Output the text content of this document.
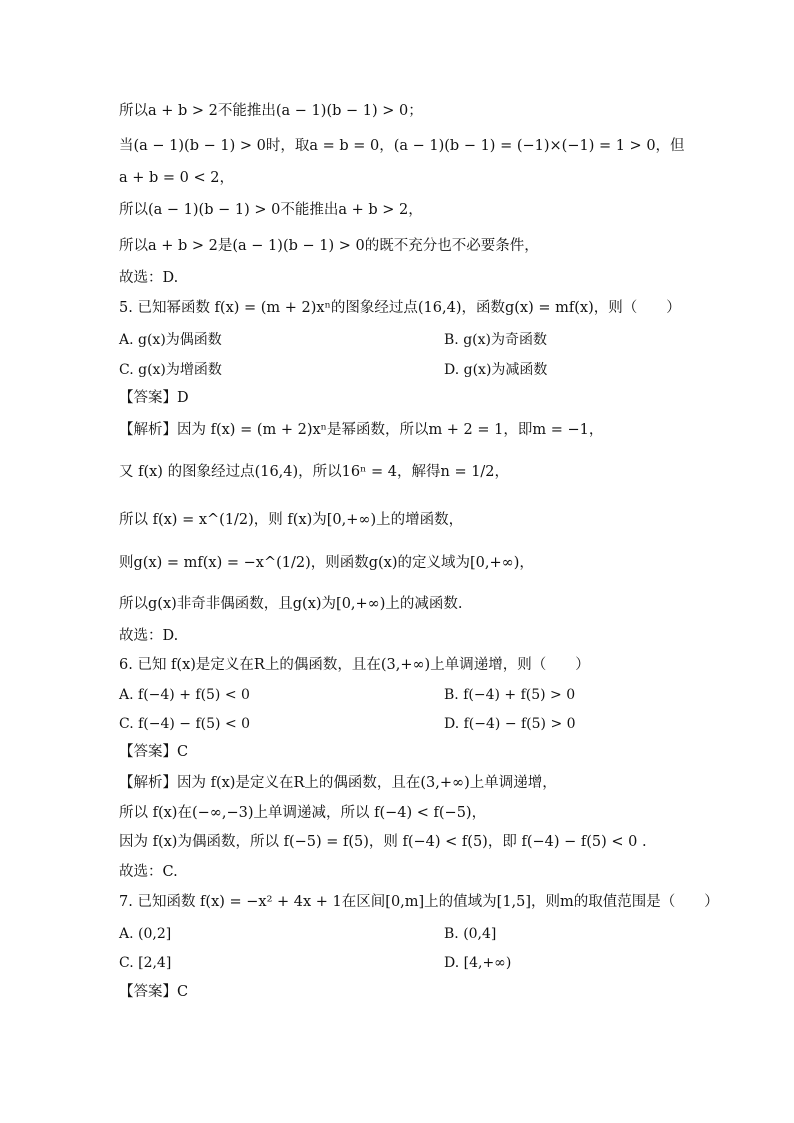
所以a + b > 2不能推出(a − 1)(b − 1) > 0；
当(a − 1)(b − 1) > 0时，取a = b = 0，(a − 1)(b − 1) = (−1)×(−1) = 1 > 0，但
a + b = 0 < 2，
所以(a − 1)(b − 1) > 0不能推出a + b > 2，
所以a + b > 2是(a − 1)(b − 1) > 0的既不充分也不必要条件，
故选：D.
5. 已知幂函数 f(x) = (m + 2)xⁿ的图象经过点(16,4)，函数g(x) = mf(x)，则（　　）
A. g(x)为偶函数	B. g(x)为奇函数
C. g(x)为增函数	D. g(x)为减函数
【答案】D
【解析】因为 f(x) = (m + 2)xⁿ是幂函数，所以m + 2 = 1，即m = −1，
又 f(x) 的图象经过点(16,4)，所以16ⁿ = 4，解得n = 1/2，
所以 f(x) = x^(1/2)，则 f(x)为[0,+∞)上的增函数，
则g(x) = mf(x) = −x^(1/2)，则函数g(x)的定义域为[0,+∞)，
所以g(x)非奇非偶函数，且g(x)为[0,+∞)上的减函数.
故选：D.
6. 已知 f(x)是定义在R上的偶函数，且在(3,+∞)上单调递增，则（　　）
A. f(−4) + f(5) < 0	B. f(−4) + f(5) > 0
C. f(−4) − f(5) < 0	D. f(−4) − f(5) > 0
【答案】C
【解析】因为 f(x)是定义在R上的偶函数，且在(3,+∞)上单调递增，
所以 f(x)在(−∞,−3)上单调递减，所以 f(−4) < f(−5)，
因为 f(x)为偶函数，所以 f(−5) = f(5)，则 f(−4) < f(5)，即 f(−4) − f(5) < 0 .
故选：C.
7. 已知函数 f(x) = −x² + 4x + 1在区间[0,m]上的值域为[1,5]，则m的取值范围是（　　）
A. (0,2]	B. (0,4]
C. [2,4]	D. [4,+∞)
【答案】C
